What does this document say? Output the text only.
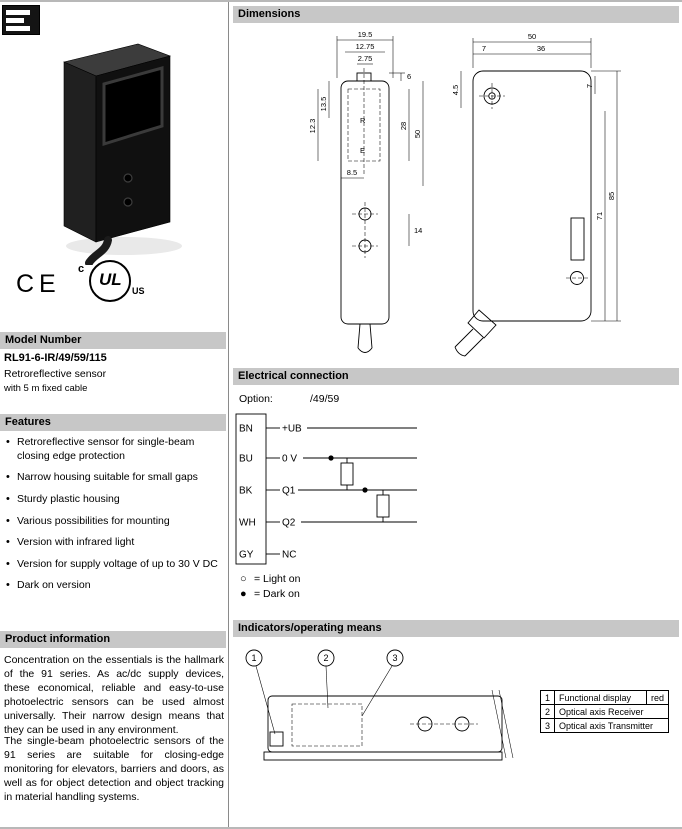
CE
c
UL
US
Model Number
RL91-6-IR/49/59/115
Retroreflective sensor
with 5 m fixed cable
Features
• Retroreflective sensor for single-beam closing edge protection
• Narrow housing suitable for small gaps
• Sturdy plastic housing
• Various possibilities for mounting
• Version with infrared light
• Version for supply voltage of up to 30 V DC
• Dark on version
Product information
Concentration on the essentials is the hallmark of the 91 series. As ac/dc supply devices, these economical, reliable and easy-to-use photoelectric sensors can be used almost universally. Their narrow design means that they can be used in any environment.
The single-beam photoelectric sensors of the 91 series are suitable for closing-edge monitoring for elevators, barriers and doors, as well as for object detection and object tracking in material handling systems.
Dimensions
R
E
19.5
12.75
2.75
13.5
12.3
8.5
6
28
50
14
50
7	36
4.5	7
71
85
Electrical connection
Option:	/49/59
BN	+UB
BU	0 V
BK	Q1
WH	Q2
GY	NC
○ = Light on
● = Dark on
Indicators/operating means
1	2	3
1	Functional display	red
2	Optical axis Receiver	
3	Optical axis Transmitter	
